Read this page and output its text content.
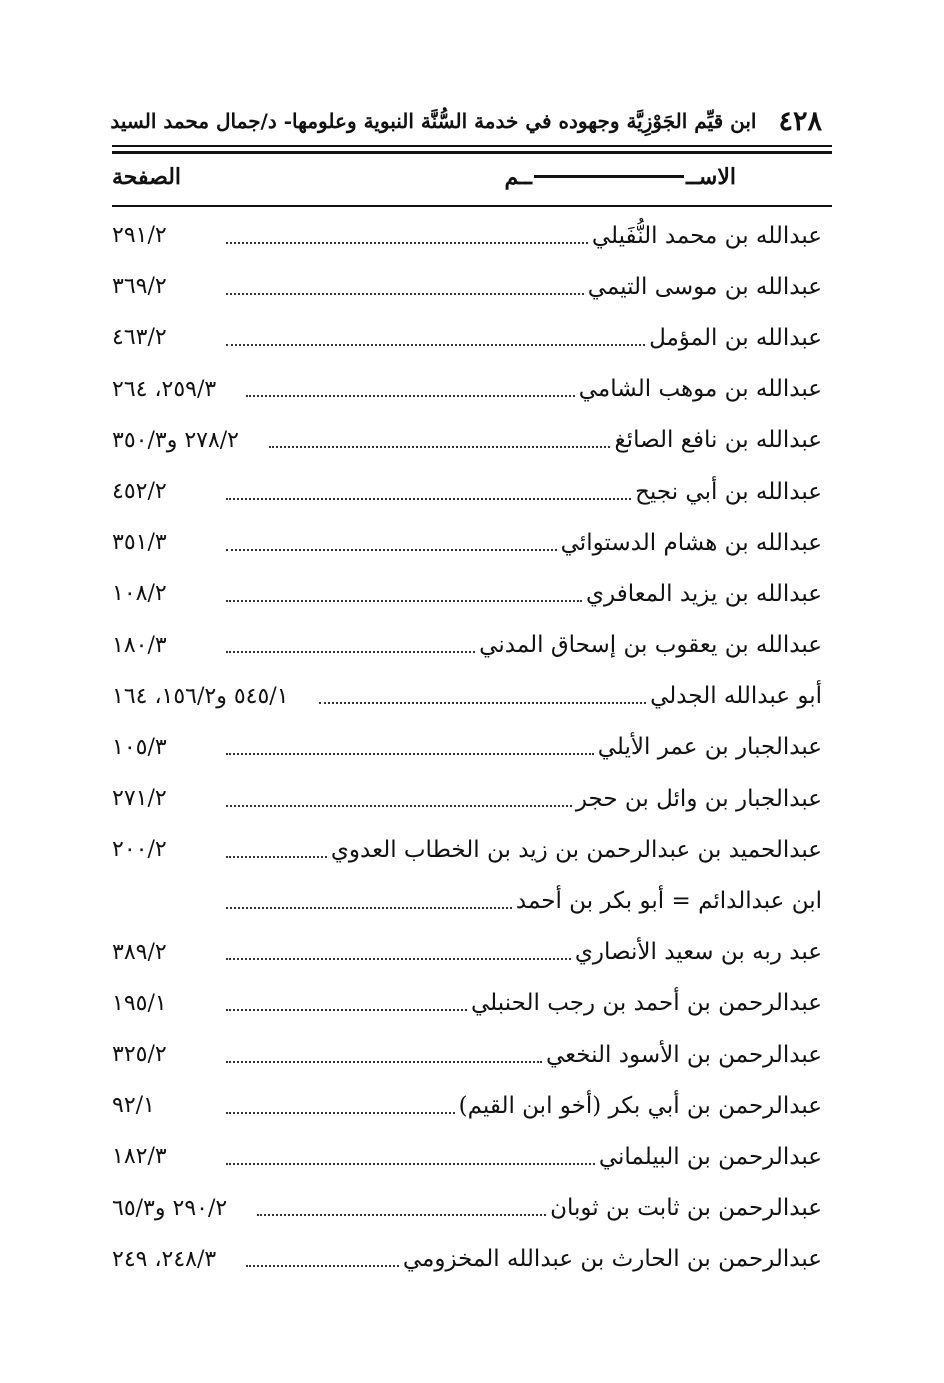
٤٢٨
ابن قيِّم الجَوْزِيَّة وجهوده في خدمة السُّنَّة النبوية وعلومها- د/جمال محمد السيد
الاســــم
الصفحة
عبدالله بن محمد النُّفَيلي
٢٩١/٢
عبدالله بن موسى التيمي
٣٦٩/٢
عبدالله بن المؤمل
٤٦٣/٢
عبدالله بن موهب الشامي
٢٥٩/٣، ٢٦٤
عبدالله بن نافع الصائغ
٢٧٨/٢ و٣٥٠/٣
عبدالله بن أبي نجيح
٤٥٢/٢
عبدالله بن هشام الدستوائي
٣٥١/٣
عبدالله بن يزيد المعافري
١٠٨/٢
عبدالله بن يعقوب بن إسحاق المدني
١٨٠/٣
أبو عبدالله الجدلي
٥٤٥/١ و١٥٦/٢، ١٦٤
عبدالجبار بن عمر الأيلي
١٠٥/٣
عبدالجبار بن وائل بن حجر
٢٧١/٢
عبدالحميد بن عبدالرحمن بن زيد بن الخطاب العدوي
٢٠٠/٢
ابن عبدالدائم = أبو بكر بن أحمد
عبد ربه بن سعيد الأنصاري
٣٨٩/٢
عبدالرحمن بن أحمد بن رجب الحنبلي
١٩٥/١
عبدالرحمن بن الأسود النخعي
٣٢٥/٢
عبدالرحمن بن أبي بكر (أخو ابن القيم)
٩٢/١
عبدالرحمن بن البيلماني
١٨٢/٣
عبدالرحمن بن ثابت بن ثوبان
٢٩٠/٢ و٦٥/٣
عبدالرحمن بن الحارث بن عبدالله المخزومي
٢٤٨/٣، ٢٤٩
